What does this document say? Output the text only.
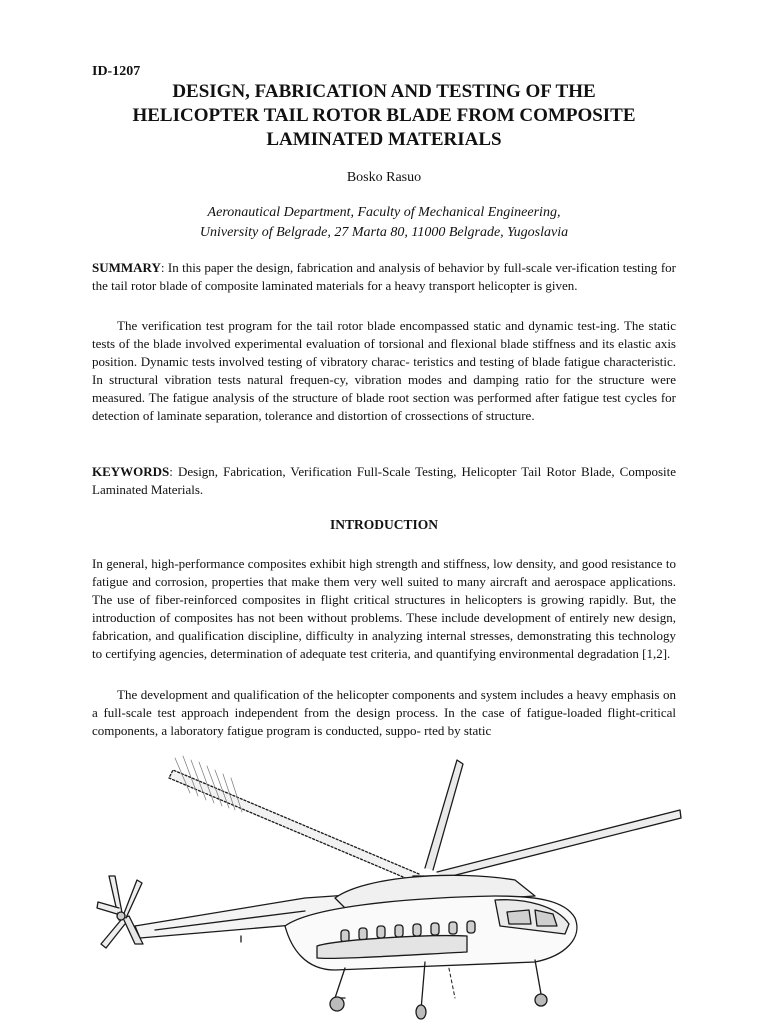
ID-1207
DESIGN, FABRICATION AND TESTING OF THE
HELICOPTER TAIL ROTOR BLADE FROM COMPOSITE
LAMINATED MATERIALS
Bosko Rasuo
Aeronautical Department, Faculty of Mechanical Engineering,
University of Belgrade, 27 Marta 80, 11000 Belgrade, Yugoslavia

SUMMARY: In this paper the design, fabrication and analysis of behavior by full-scale ver-ification testing for the tail rotor blade of composite laminated materials for a heavy transport helicopter is given.

The verification test program for the tail rotor blade encompassed static and dynamic test-ing. The static tests of the blade involved experimental evaluation of torsional and flexional blade stiffness and its elastic axis position. Dynamic tests involved testing of vibratory charac- teristics and testing of blade fatigue characteristic. In structural vibration tests natural frequen-cy, vibration modes and damping ratio for the structure were measured. The fatigue analysis of the structure of blade root section was performed after fatigue test cycles for detection of laminate separation, tolerance and distortion of crossections of structure.

KEYWORDS: Design, Fabrication, Verification Full-Scale Testing, Helicopter Tail Rotor Blade, Composite Laminated Materials.

INTRODUCTION

In general, high-performance composites exhibit high strength and stiffness, low density, and good resistance to fatigue and corrosion, properties that make them very well suited to many aircraft and aerospace applications. The use of fiber-reinforced composites in flight critical structures in helicopters is growing rapidly. But, the introduction of composites has not been without problems. These include development of entirely new design, fabrication, and qualification discipline, difficulty in analyzing internal stresses, demonstrating this technology to certifying agencies, determination of adequate test criteria, and quantifying environmental degradation [1,2].

The development and qualification of the helicopter components and system includes a heavy emphasis on a full-scale test approach independent from the design process. In the case of fatigue-loaded flight-critical components, a laboratory fatigue program is conducted, suppo- rted by static
